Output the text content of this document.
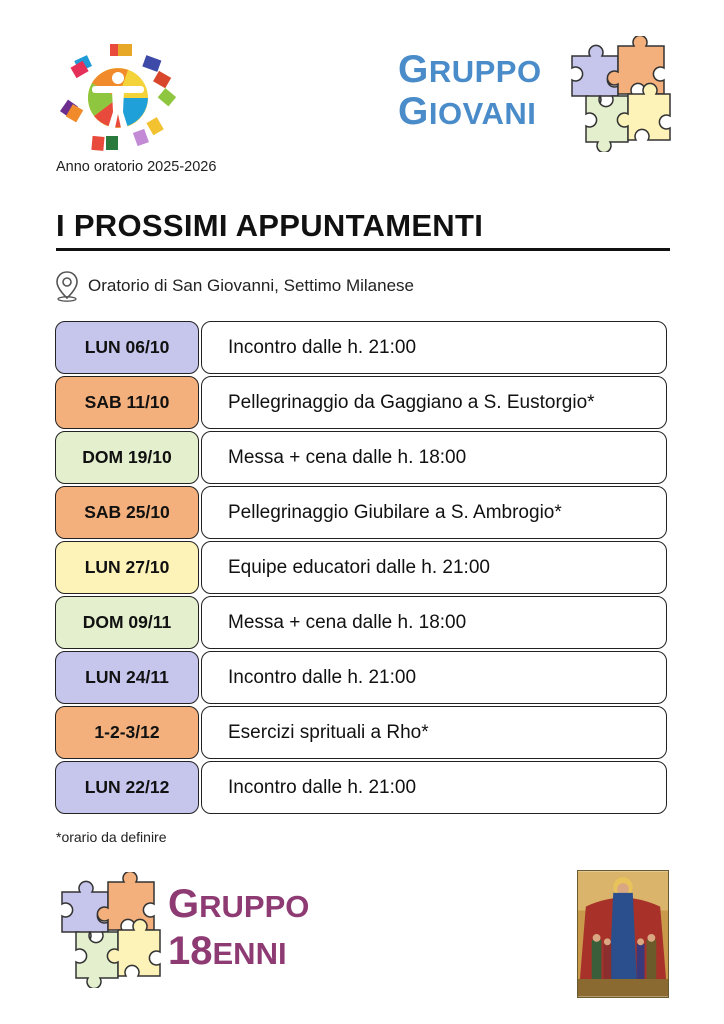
Anno oratorio 2025-2026
GRUPPO
GIOVANI
I PROSSIMI APPUNTAMENTI
Oratorio di San Giovanni, Settimo Milanese
LUN 06/10	Incontro dalle h. 21:00
SAB 11/10	Pellegrinaggio da Gaggiano a S. Eustorgio*
DOM 19/10	Messa + cena dalle h. 18:00
SAB 25/10	Pellegrinaggio Giubilare a S. Ambrogio*
LUN 27/10	Equipe educatori dalle h. 21:00
DOM 09/11	Messa + cena dalle h. 18:00
LUN 24/11	Incontro dalle h. 21:00
1-2-3/12	Esercizi sprituali a Rho*
LUN 22/12	Incontro dalle h. 21:00
*orario da definire
GRUPPO
18ENNI
